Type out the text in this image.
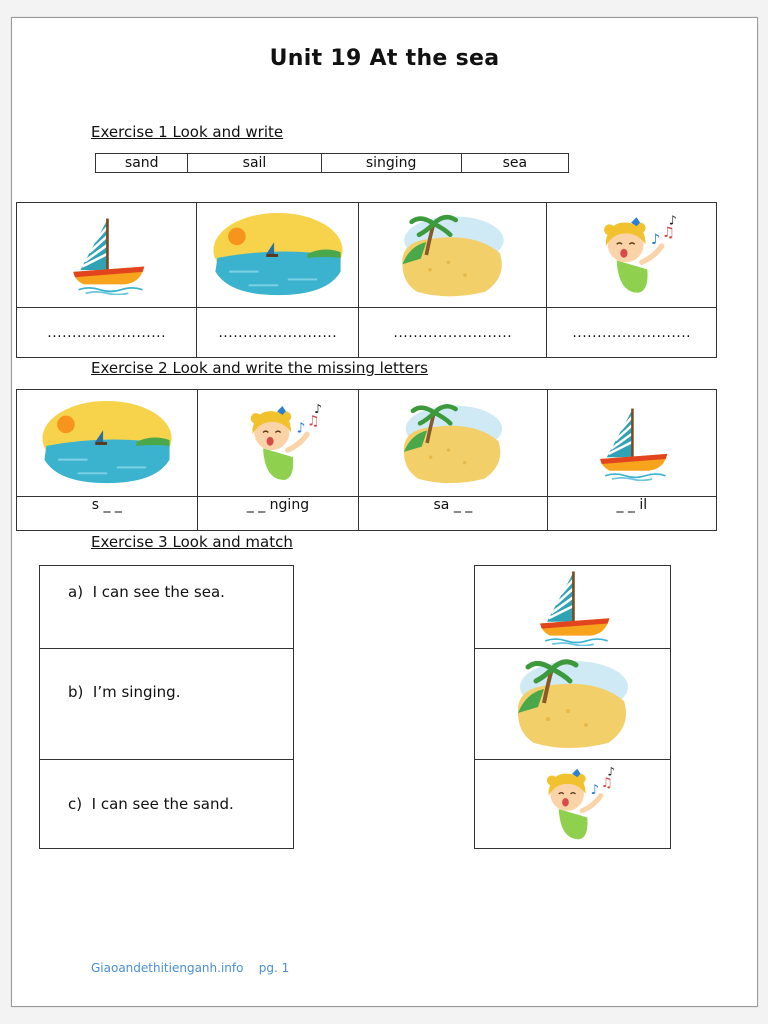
Unit 19 At the sea
Exercise 1 Look and write
sand	sail	singing	sea

........................	........................	........................	........................
Exercise 2 Look and write the missing letters

s _ _	_ _ nging	sa _ _	_ _ il
Exercise 3 Look and match
a) I can see the sea.
b) I’m singing.
c) I can see the sand.
Giaoandethitienganh.info pg. 1
